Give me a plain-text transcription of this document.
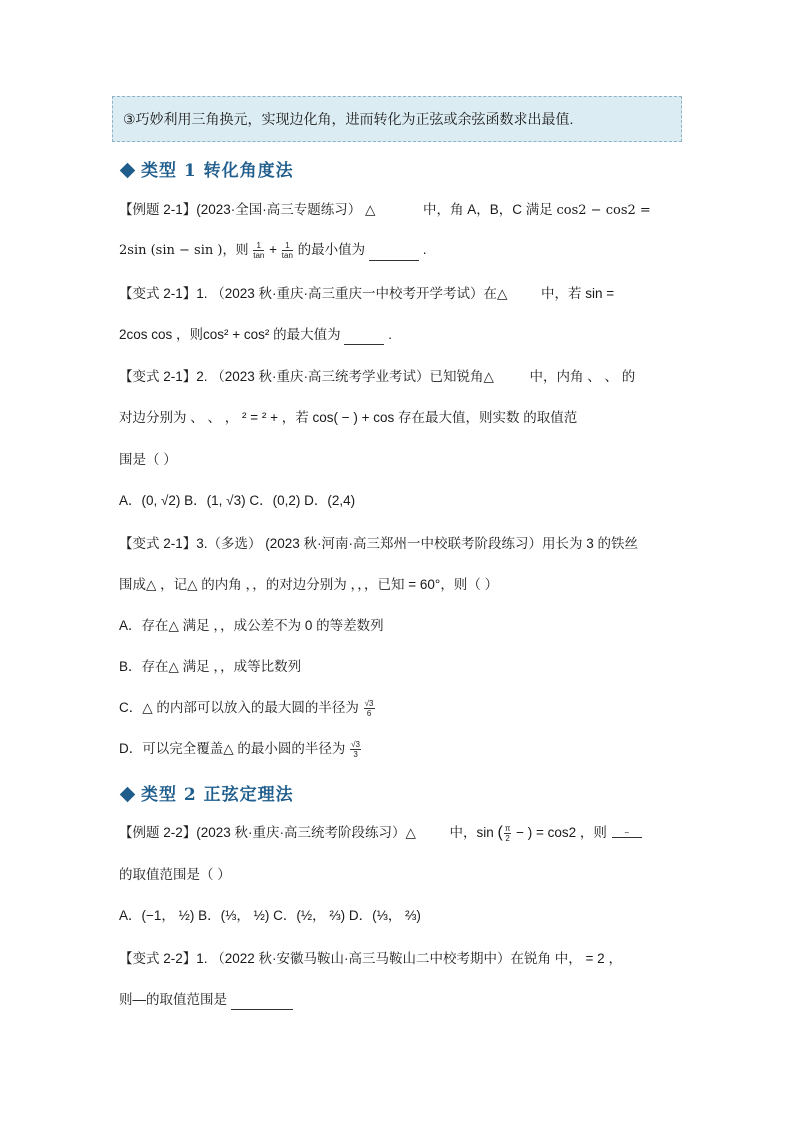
③巧妙利用三角换元，实现边化角，进而转化为正弦或余弦函数求出最值.
类型 1 转化角度法
【例题 2-1】(2023·全国·高三专题练习） △	中，角 A，B，C 满足 cos2 − cos2 =
2sin (sin − sin )，则 $\frac{1}{\tan} + \frac{1}{\tan}$ 的最小值为	.
【变式 2-1】1. （2023 秋·重庆·高三重庆一中校考开学考试）在△ 中，若 sin =
2cos cos ，则cos² + cos² 的最大值为	.
【变式 2-1】2. （2023 秋·重庆·高三统考学业考试）已知锐角△	中，内角 、 、 的
对边分别为 、 、 ， ² = ² + ，若 cos( − ) + cos 存在最大值，则实数 的取值范
围是（ ）
A．(0, √2) B．(1, √3) C．(0,2) D．(2,4)
【变式 2-1】3.（多选） (2023 秋·河南·高三郑州一中校联考阶段练习）用长为 3 的铁丝
围成△ ，记△ 的内角 ，，的对边分别为 ，，，已知 = 60°，则（ ）
A．存在△ 满足 ，，成公差不为 0 的等差数列
B．存在△ 满足 ，，成等比数列
C．△ 的内部可以放入的最大圆的半径为 $\frac{√3}{6}$
D．可以完全覆盖△ 的最小圆的半径为 $\frac{√3}{3}$
类型 2 正弦定理法
【例题 2-2】(2023 秋·重庆·高三统考阶段练习）△ 中，sin ( $\frac{\pi}{2}$ − ) = cos2 ，则	−
的取值范围是（ ）
A．(−1， ½) B．(⅓， ½) C．(½， ⅔) D．(⅓， ⅔)
【变式 2-2】1. （2022 秋·安徽马鞍山·高三马鞍山二中校考期中）在锐角 中， = 2 ，
则—的取值范围是
